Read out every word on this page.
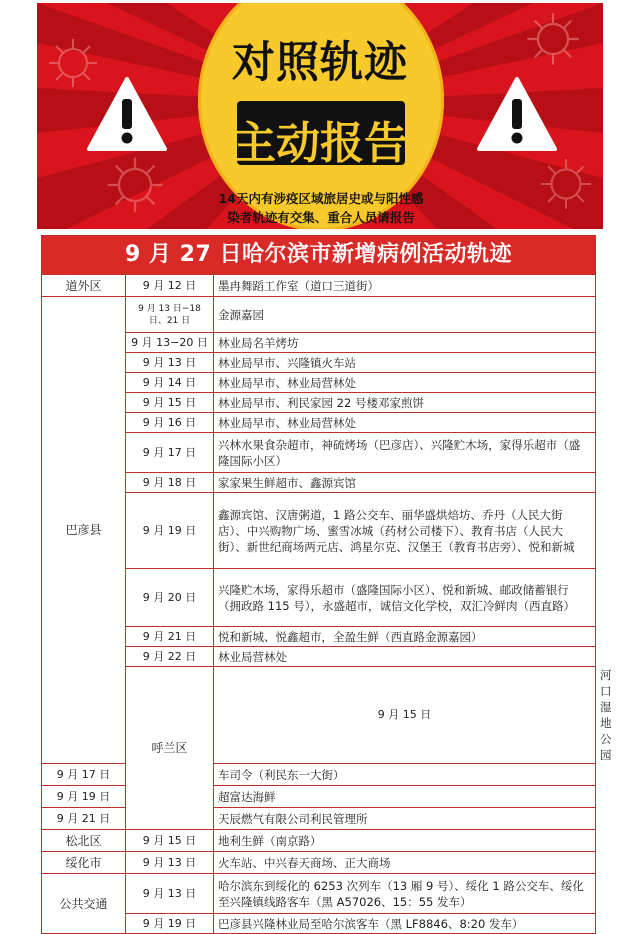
对照轨迹
主动报告
14天内有涉疫区域旅居史或与阳性感
染者轨迹有交集、重合人员请报告
9 月 27 日哈尔滨市新增病例活动轨迹			
道外区	9 月 12 日	墨冉舞蹈工作室（道口三道街）	
巴彦县	9 月 13 日−18 日、21 日	金源嘉园	
	9 月 13−20 日	林业局名羊烤坊	
	9 月 13 日	林业局早市、兴隆镇火车站	
	9 月 14 日	林业局早市、林业局营林处	
	9 月 15 日	林业局早市、利民家园 22 号楼邓家煎饼	
	9 月 16 日	林业局早市、林业局营林处	
	9 月 17 日	兴林水果食杂超市，神硫烤场（巴彦店）、兴隆贮木场，家得乐超市（盛隆国际小区）	
	9 月 18 日	家家果生鲜超市、鑫源宾馆	
	9 月 19 日	鑫源宾馆、汉唐粥道，1 路公交车、丽华盛烘焙坊、乔丹（人民大街店）、中兴购物广场、蜜雪冰城（药材公司楼下）、教育书店（人民大街）、新世纪商场两元店、鸿星尔克、汉堡王（教育书店旁）、悦和新城	
	9 月 20 日	兴隆贮木场，家得乐超市（盛隆国际小区）、悦和新城、邮政储蓄银行（拥政路 115 号），永盛超市，诚信文化学校，双汇冷鲜肉（西直路）	
	9 月 21 日	悦和新城、悦鑫超市，全盈生鲜（西直路金源嘉园）	
	9 月 22 日	林业局营林处	
	呼兰区	9 月 15 日	河口湿地公园
9 月 17 日		车司令（利民东一大街）	
9 月 19 日		超富达海鲜	
9 月 21 日		天辰燃气有限公司利民管理所	
松北区	9 月 15 日	地利生鲜（南京路）	
绥化市	9 月 13 日	火车站、中兴春天商场、正大商场	
公共交通	9 月 13 日	哈尔滨东到绥化的 6253 次列车（13 厢 9 号）、绥化 1 路公交车、绥化至兴隆镇线路客车（黑 A57026、15：55 发车）	
	9 月 19 日	巴彦县兴隆林业局至哈尔滨客车（黑 LF8846、8:20 发车）	
